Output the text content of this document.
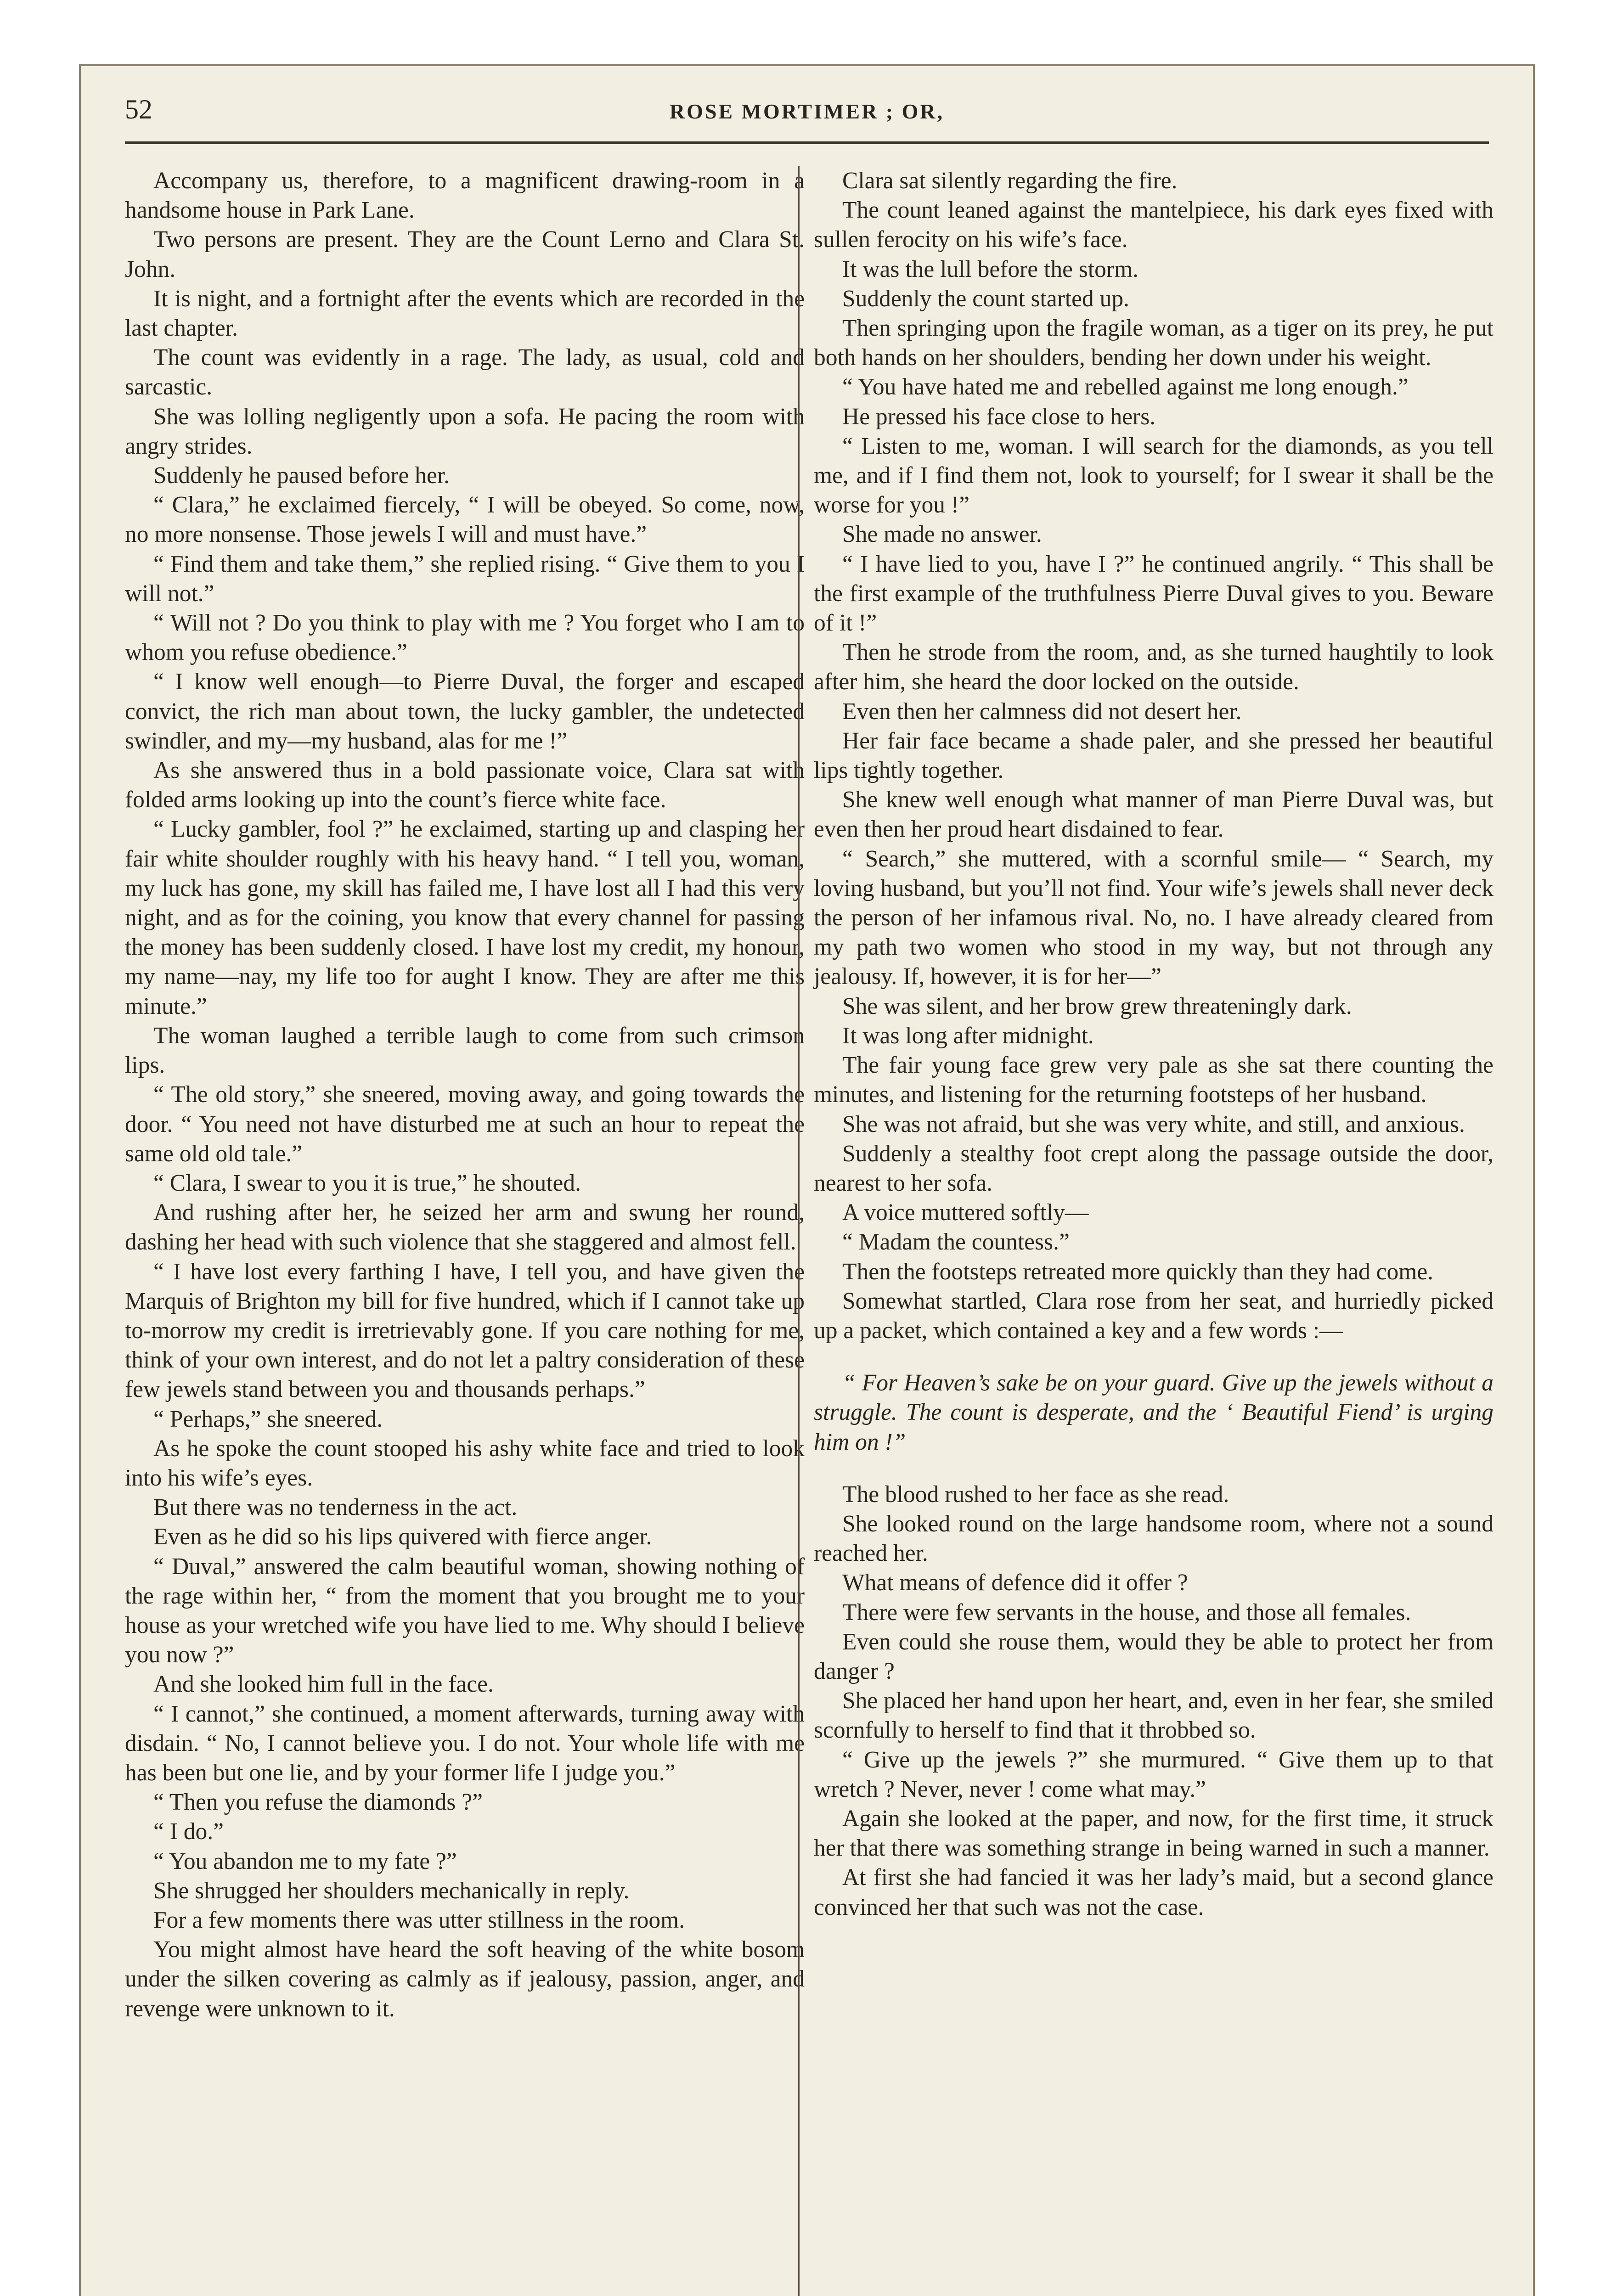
52	ROSE MORTIMER ; OR,

Accompany us, therefore, to a magnificent drawing-room in a handsome house in Park Lane.

Two persons are present. They are the Count Lerno and Clara St. John.

It is night, and a fortnight after the events which are recorded in the last chapter.

The count was evidently in a rage. The lady, as usual, cold and sarcastic.

She was lolling negligently upon a sofa. He pacing the room with angry strides.

Suddenly he paused before her.

“ Clara,” he exclaimed fiercely, “ I will be obeyed. So come, now, no more nonsense. Those jewels I will and must have.”

“ Find them and take them,” she replied rising. “ Give them to you I will not.”

“ Will not ? Do you think to play with me ? You forget who I am to whom you refuse obedience.”

“ I know well enough—to Pierre Duval, the forger and escaped convict, the rich man about town, the lucky gambler, the undetected swindler, and my—my husband, alas for me !”

As she answered thus in a bold passionate voice, Clara sat with folded arms looking up into the count’s fierce white face.

“ Lucky gambler, fool ?” he exclaimed, starting up and clasping her fair white shoulder roughly with his heavy hand. “ I tell you, woman, my luck has gone, my skill has failed me, I have lost all I had this very night, and as for the coining, you know that every channel for passing the money has been suddenly closed. I have lost my credit, my honour, my name—nay, my life too for aught I know. They are after me this minute.”

The woman laughed a terrible laugh to come from such crimson lips.

“ The old story,” she sneered, moving away, and going towards the door. “ You need not have disturbed me at such an hour to repeat the same old old tale.”

“ Clara, I swear to you it is true,” he shouted.

And rushing after her, he seized her arm and swung her round, dashing her head with such violence that she staggered and almost fell.

“ I have lost every farthing I have, I tell you, and have given the Marquis of Brighton my bill for five hundred, which if I cannot take up to-morrow my credit is irretrievably gone. If you care nothing for me, think of your own interest, and do not let a paltry consideration of these few jewels stand between you and thousands perhaps.”

“ Perhaps,” she sneered.

As he spoke the count stooped his ashy white face and tried to look into his wife’s eyes.

But there was no tenderness in the act.

Even as he did so his lips quivered with fierce anger.

“ Duval,” answered the calm beautiful woman, showing nothing of the rage within her, “ from the moment that you brought me to your house as your wretched wife you have lied to me. Why should I believe you now ?”

And she looked him full in the face.

“ I cannot,” she continued, a moment afterwards, turning away with disdain. “ No, I cannot believe you. I do not. Your whole life with me has been but one lie, and by your former life I judge you.”

“ Then you refuse the diamonds ?”

“ I do.”

“ You abandon me to my fate ?”

She shrugged her shoulders mechanically in reply.

For a few moments there was utter stillness in the room.

You might almost have heard the soft heaving of the white bosom under the silken covering as calmly as if jealousy, passion, anger, and revenge were unknown to it.

Clara sat silently regarding the fire.

The count leaned against the mantelpiece, his dark eyes fixed with sullen ferocity on his wife’s face.

It was the lull before the storm.

Suddenly the count started up.

Then springing upon the fragile woman, as a tiger on its prey, he put both hands on her shoulders, bending her down under his weight.

“ You have hated me and rebelled against me long enough.”

He pressed his face close to hers.

“ Listen to me, woman. I will search for the diamonds, as you tell me, and if I find them not, look to yourself; for I swear it shall be the worse for you !”

She made no answer.

“ I have lied to you, have I ?” he continued angrily. “ This shall be the first example of the truthfulness Pierre Duval gives to you. Beware of it !”

Then he strode from the room, and, as she turned haughtily to look after him, she heard the door locked on the outside.

Even then her calmness did not desert her.

Her fair face became a shade paler, and she pressed her beautiful lips tightly together.

She knew well enough what manner of man Pierre Duval was, but even then her proud heart disdained to fear.

“ Search,” she muttered, with a scornful smile— “ Search, my loving husband, but you’ll not find. Your wife’s jewels shall never deck the person of her infamous rival. No, no. I have already cleared from my path two women who stood in my way, but not through any jealousy. If, however, it is for her—”

She was silent, and her brow grew threateningly dark.

It was long after midnight.

The fair young face grew very pale as she sat there counting the minutes, and listening for the returning footsteps of her husband.

She was not afraid, but she was very white, and still, and anxious.

Suddenly a stealthy foot crept along the passage outside the door, nearest to her sofa.

A voice muttered softly—

“ Madam the countess.”

Then the footsteps retreated more quickly than they had come.

Somewhat startled, Clara rose from her seat, and hurriedly picked up a packet, which contained a key and a few words :—

“ For Heaven’s sake be on your guard. Give up the jewels without a struggle. The count is desperate, and the ‘ Beautiful Fiend’ is urging him on !”

The blood rushed to her face as she read.

She looked round on the large handsome room, where not a sound reached her.

What means of defence did it offer ?

There were few servants in the house, and those all females.

Even could she rouse them, would they be able to protect her from danger ?

She placed her hand upon her heart, and, even in her fear, she smiled scornfully to herself to find that it throbbed so.

“ Give up the jewels ?” she murmured. “ Give them up to that wretch ? Never, never ! come what may.”

Again she looked at the paper, and now, for the first time, it struck her that there was something strange in being warned in such a manner.

At first she had fancied it was her lady’s maid, but a second glance convinced her that such was not the case.
